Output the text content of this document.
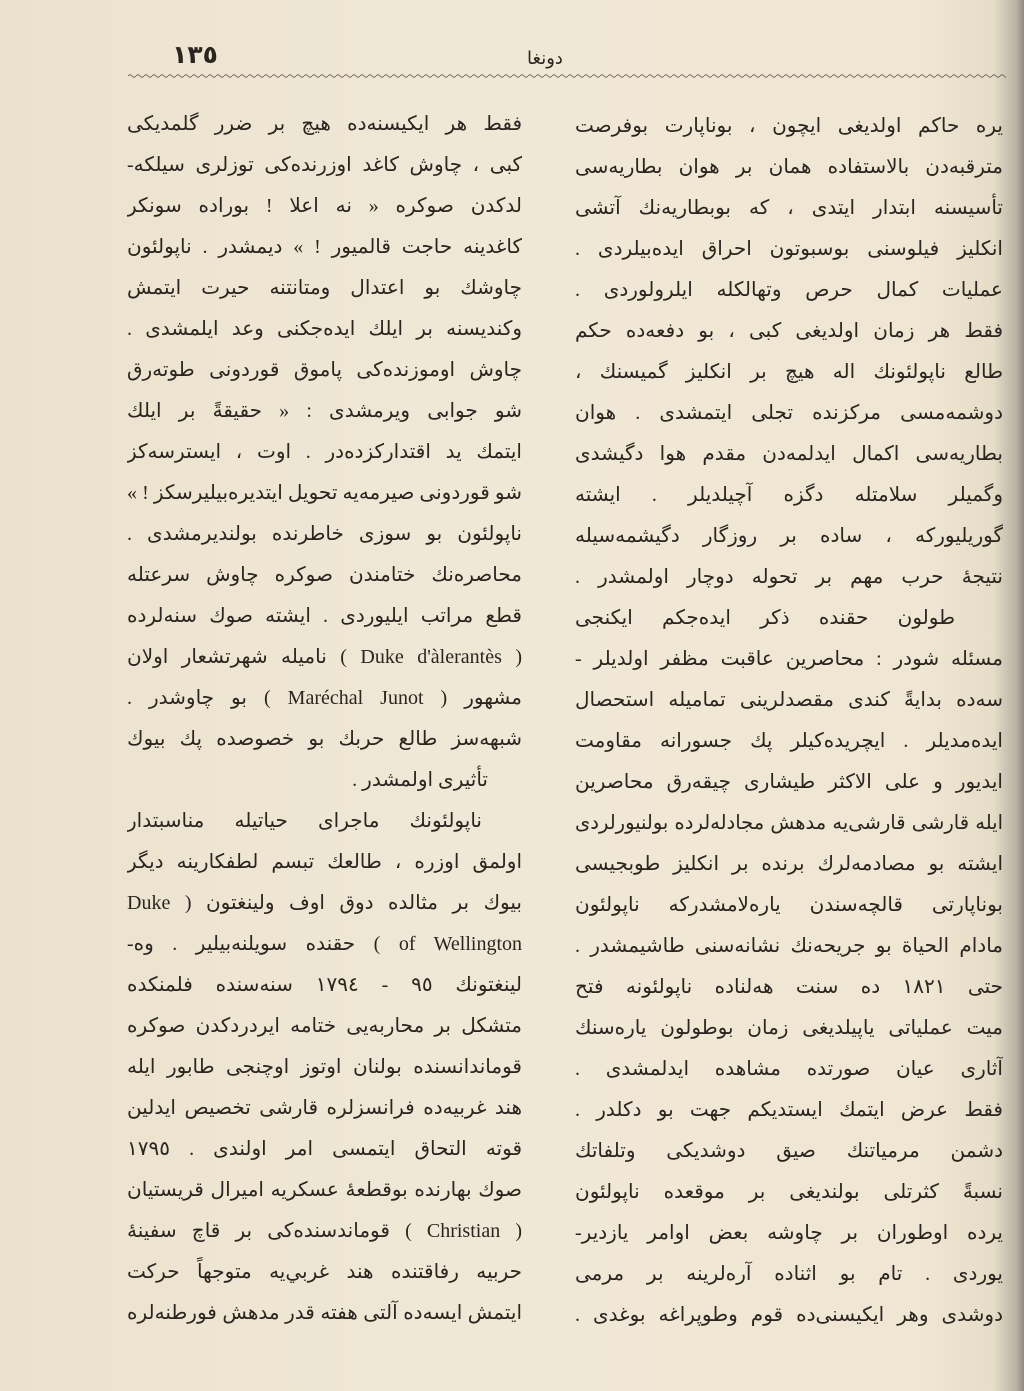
١٣٥	دونغا
يره حاكم اولديغى ايچون ، بوناپارت بوفرصت
مترقبه‌دن بالاستفاده همان بر هوان بطاريه‌سى
تأسيسنه ابتدار ايتدى ، كه بوبطاريه‌نك آتشى
انكليز فيلوسنى بوسبوتون احراق ايده‌بيلردى .
عمليات كمال حرص وتهالكله ايلرولوردى .
فقط هر زمان اولديغى كبى ، بو دفعه‌ده حكم
طالع ناپولئونك اله هيچ بر انكليز گميسنك ،
دوشمه‌مسى مركزنده تجلى ايتمشدى . هوان
بطاريه‌سى اكمال ايدلمه‌دن مقدم هوا دگيشدى
وگميلر سلامتله دگزه آچيلديلر . ايشته
گوريليوركه ، ساده بر روزگار دگيشمه‌سيله
نتيجهٔ حرب مهم بر تحوله دوچار اولمشدر .
طولون حقنده ذكر ايده‌جكم ايكنجى
مسئله شودر : محاصرين عاقبت مظفر اولديلر -
سه‌ده بدايةً كندى مقصدلرينى تماميله استحصال
ايده‌مديلر . ايچريده‌كيلر پك جسورانه مقاومت
ايديور و على الاكثر طيشارى چيقه‌رق محاصرين
ايله قارشى قارشى‌يه مدهش مجادله‌لرده بولنيورلردى
ايشته بو مصادمه‌لرك برنده بر انكليز طوبجيسى
بوناپارتى قالچه‌سندن ياره‌لامشدركه ناپولئون
مادام الحياة بو جريحه‌نك نشانه‌سنى طاشيمشدر .
حتى ١٨٢١ ده سنت هه‌لناده ناپولئونه فتح
ميت عملياتى ياپيلديغى زمان بوطولون ياره‌سنك
آثارى عيان صورتده مشاهده ايدلمشدى .
فقط عرض ايتمك ايستديكم جهت بو دكلدر .
دشمن مرمياتنك صيق دوشديكى وتلفاتك
نسبةً كثرتلى بولنديغى بر موقعده ناپولئون
يرده اوطوران بر چاوشه بعض اوامر يازدير-
يوردى . تام بو اثناده آره‌لرينه بر مرمى
دوشدى وهر ايكيسنى‌ده قوم وطوپراغه بوغدى .
فقط هر ايكيسنه‌ده هيچ بر ضرر گلمديكى
كبى ، چاوش كاغد اوزرنده‌كى توزلرى سيلكه-
لدكدن صوكره « نه اعلا ! بوراده سونكر
كاغدينه حاجت قالميور ! » ديمشدر . ناپولئون
چاوشك بو اعتدال ومتانتنه حيرت ايتمش
وكنديسنه بر ايلك ايده‌جكنى وعد ايلمشدى .
چاوش اوموزنده‌كى پاموق قوردونى طوته‌رق
شو جوابى ويرمشدى : « حقيقةً بر ايلك
ايتمك يد اقتداركزده‌در . اوت ، ايسترسه‌كز
شو قوردونى صيرمه‌يه تحويل ايتديره‌بيليرسكز ! »
ناپولئون بو سوزى خاطرنده بولنديرمشدى .
محاصره‌نك ختامندن صوكره چاوش سرعتله
قطع مراتب ايليوردى . ايشته صوك سنه‌لرده
( Duke d'àlerantès ) ناميله شهرتشعار اولان
مشهور ( Maréchal Junot ) بو چاوشدر .
شبهه‌سز طالع حربك بو خصوصده پك بيوك
تأثيرى اولمشدر .
ناپولئونك ماجراى حياتيله مناسبتدار
اولمق اوزره ، طالعك تبسم لطفكارينه ديگر
بيوك بر مثالده دوق اوف ولينغتون ( Duke
of Wellington ) حقنده سويلنه‌بيلير . وه-
لينغتونك ٩٥ - ١٧٩٤ سنه‌سنده فلمنكده
متشكل بر محاربه‌يى ختامه ايردردكدن صوكره
قوماندانسنده بولنان اوتوز اوچنجى طابور ايله
هند غربيه‌ده فرانسزلره قارشى تخصيص ايدلين
قوته التحاق ايتمسى امر اولندى . ١٧٩٥
صوك بهارنده بوقطعهٔ عسكريه اميرال قريستيان
( Christian ) قوماندسنده‌كى بر قاچ سفينهٔ
حربيه رفاقتنده هند غربي‌يه متوجهاً حركت
ايتمش ايسه‌ده آلتى هفته قدر مدهش فورطنه‌لره
